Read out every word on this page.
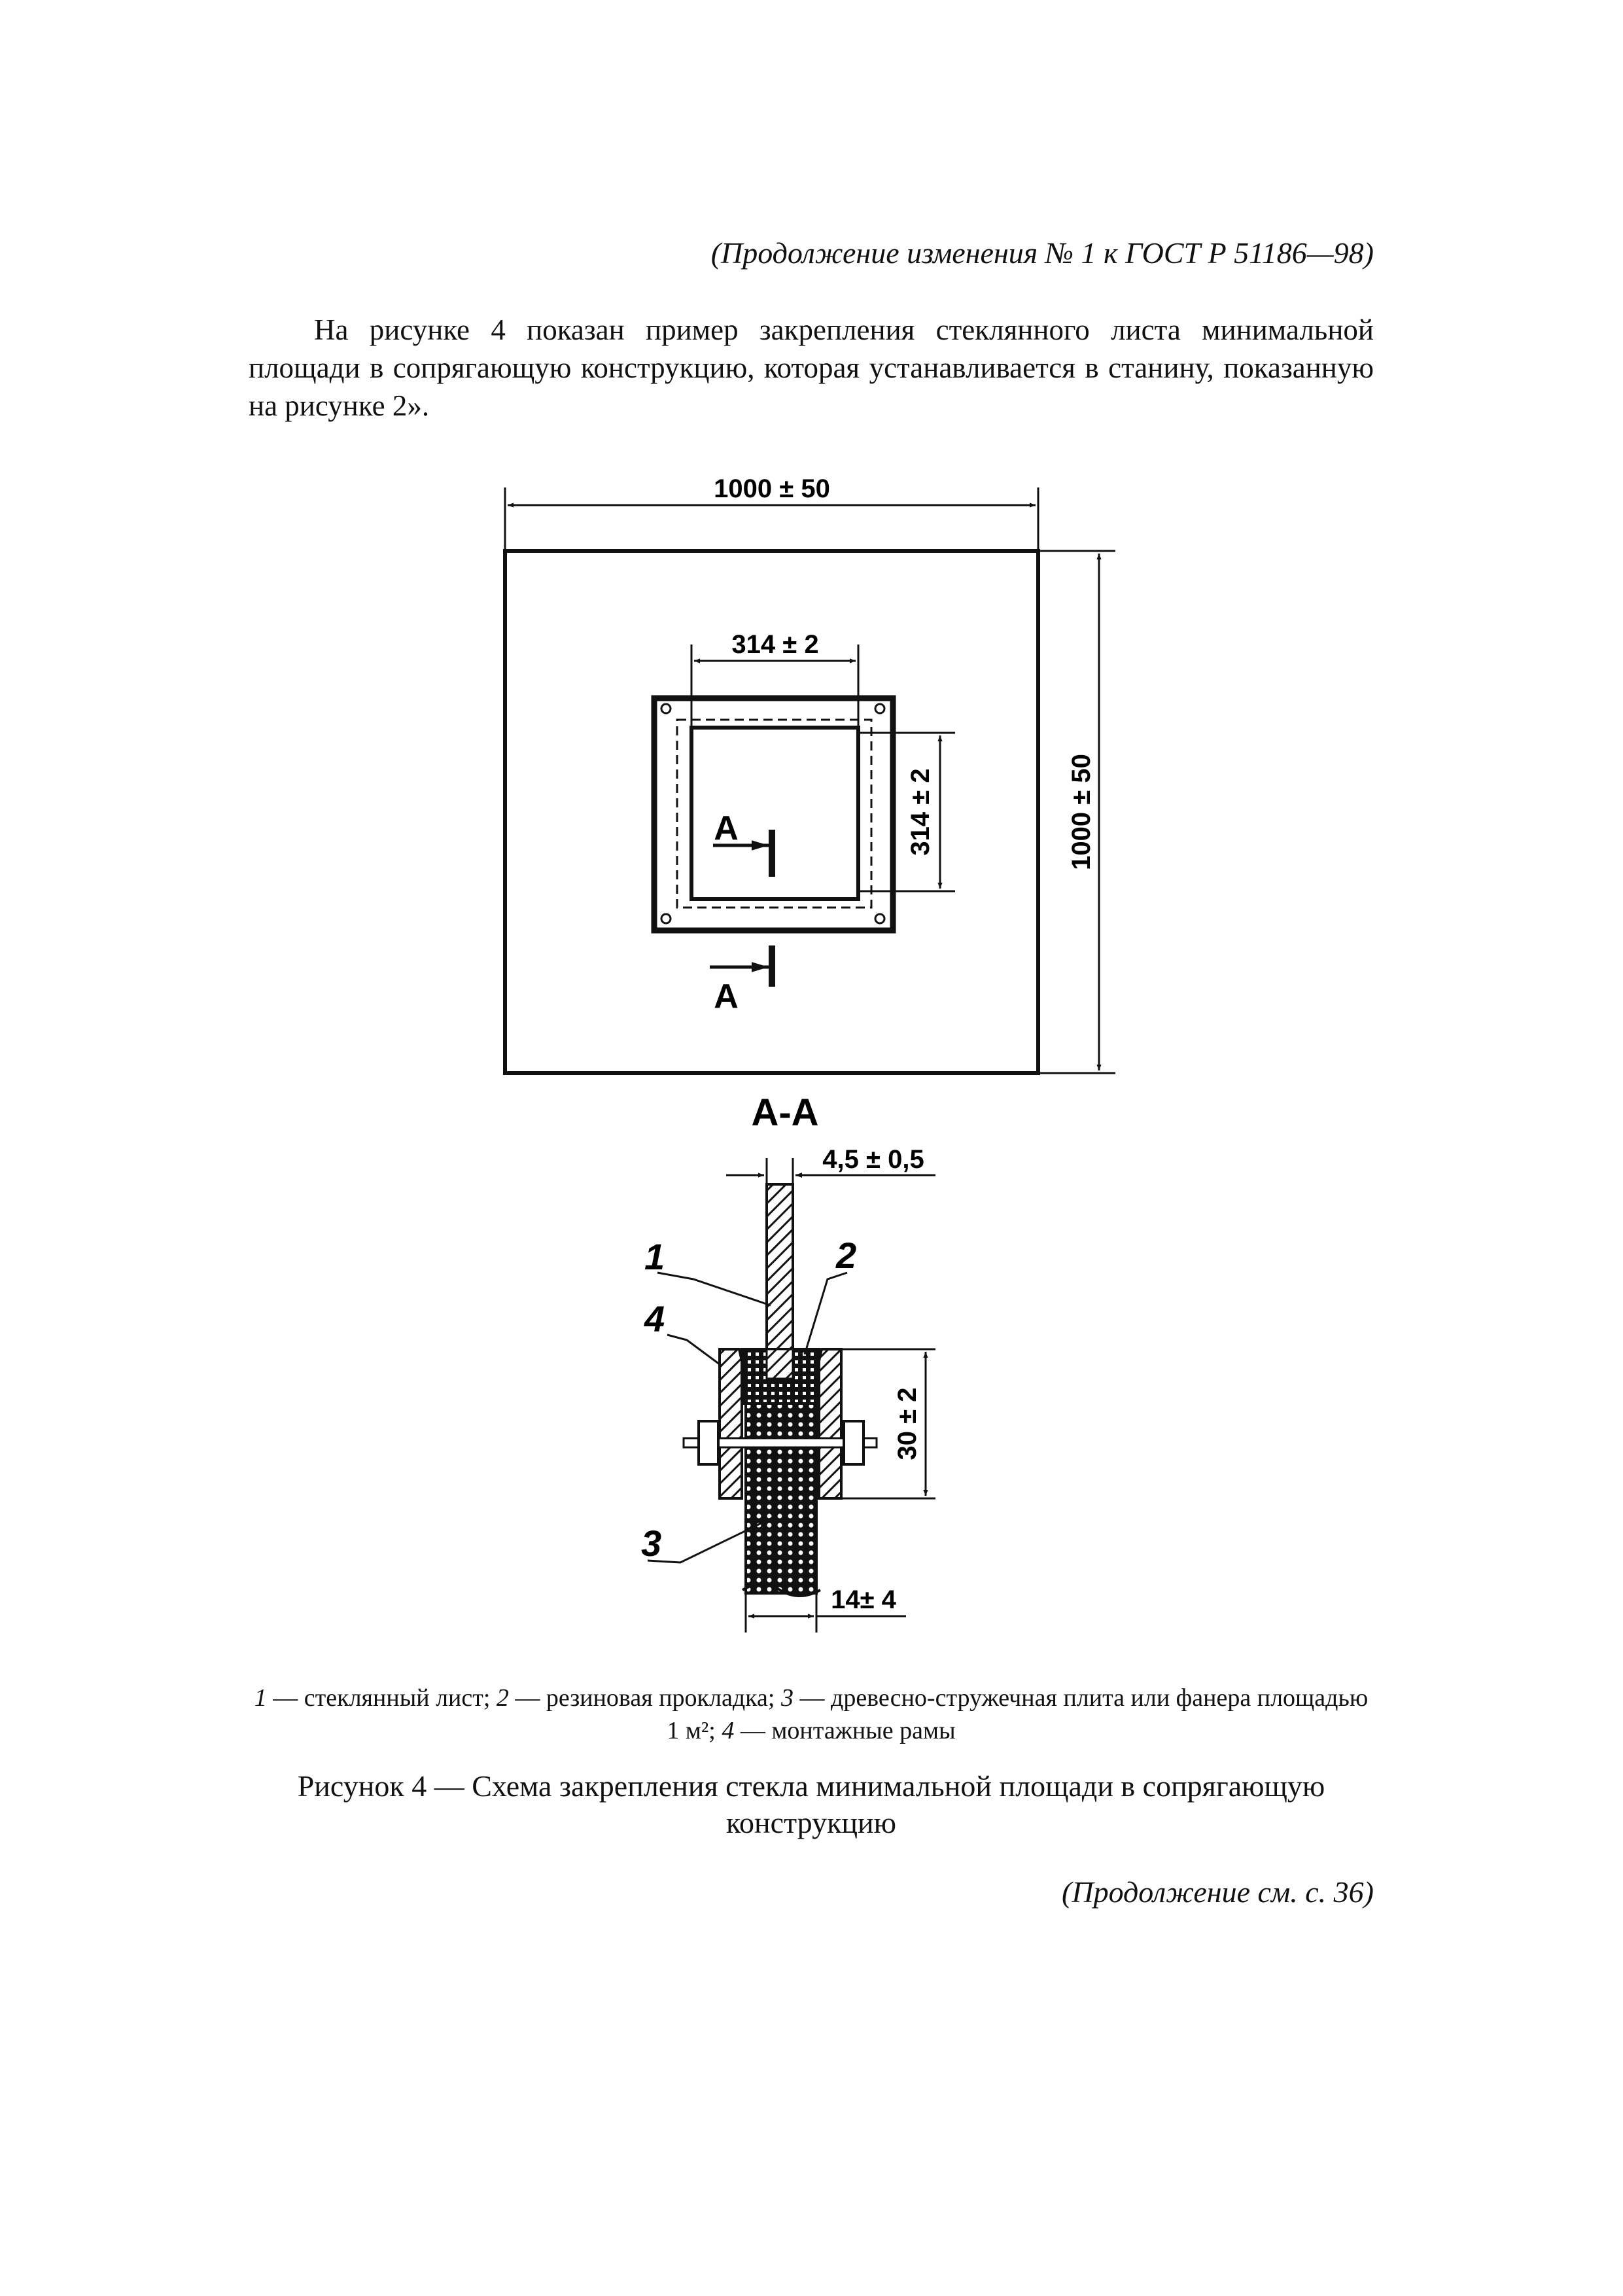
(Продолжение изменения № 1 к ГОСТ Р 51186—98)
На рисунке 4 показан пример закрепления стеклянного листа минимальной площади в сопрягающую конструкцию, которая устанавливается в станину, показанную на рисунке 2».
1000 ± 50
1000 ± 50
314 ± 2
314 ± 2
A
A
А-А
4,5 ± 0,5
30 ± 2
14± 4
1	2
4
3
1 — стеклянный лист; 2 — резиновая прокладка; 3 — древесно-стружечная плита или фанера площадью 1 м²; 4 — монтажные рамы
Рисунок 4 — Схема закрепления стекла минимальной площади в сопрягающую конструкцию
(Продолжение см. с. 36)
